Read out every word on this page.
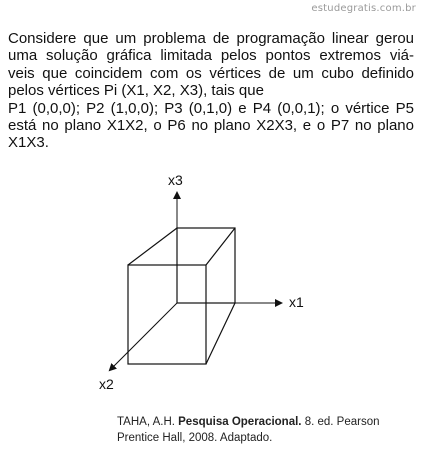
estudegratis.com.br
Considere que um problema de programação linear gerou
uma solução gráfica limitada pelos pontos extremos viá-
veis que coincidem com os vértices de um cubo definido
pelos vértices Pi (X1, X2, X3), tais que
P1 (0,0,0); P2 (1,0,0); P3 (0,1,0) e P4 (0,0,1); o vértice P5
está no plano X1X2, o P6 no plano X2X3, e o P7 no plano
X1X3.
x3
x1
x2
TAHA, A.H. Pesquisa Operacional. 8. ed. Pearson
Prentice Hall, 2008. Adaptado.
